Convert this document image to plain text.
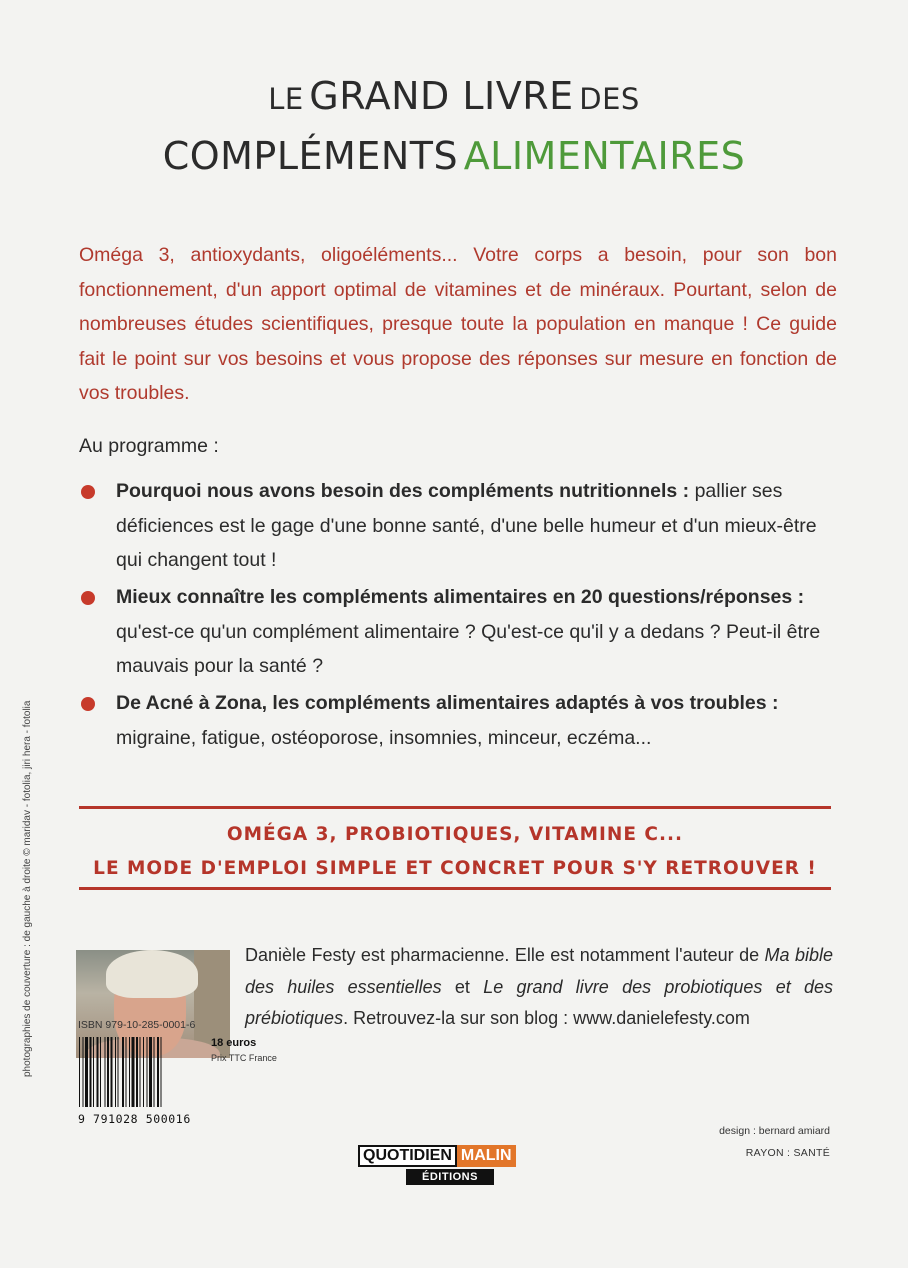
LE GRAND LIVRE DES
COMPLÉMENTS ALIMENTAIRES
Oméga 3, antioxydants, oligoéléments... Votre corps a besoin, pour son bon fonctionnement, d'un apport optimal de vitamines et de minéraux. Pourtant, selon de nombreuses études scientifiques, presque toute la population en manque ! Ce guide fait le point sur vos besoins et vous propose des réponses sur mesure en fonction de vos troubles.
Au programme :
Pourquoi nous avons besoin des compléments nutritionnels : pallier ses déficiences est le gage d'une bonne santé, d'une belle humeur et d'un mieux-être qui changent tout !
Mieux connaître les compléments alimentaires en 20 questions/réponses : qu'est-ce qu'un complément alimentaire ? Qu'est-ce qu'il y a dedans ? Peut-il être mauvais pour la santé ?
De Acné à Zona, les compléments alimentaires adaptés à vos troubles : migraine, fatigue, ostéoporose, insomnies, minceur, eczéma...
OMÉGA 3, PROBIOTIQUES, VITAMINE C...
LE MODE D'EMPLOI SIMPLE ET CONCRET POUR S'Y RETROUVER !
Danièle Festy est pharmacienne. Elle est notamment l'auteur de Ma bible des huiles essentielles et Le grand livre des probiotiques et des prébiotiques. Retrouvez-la sur son blog : www.danielefesty.com
photographies de couverture : de gauche à droite © maridav - fotolia, jiri hera - fotolia	ISBN 979-10-285-0001-6
9 791028 500016
18 euros
Prix TTC France
QUOTIDIEN MALIN
ÉDITIONS
design : bernard amiard
RAYON : SANTÉ
